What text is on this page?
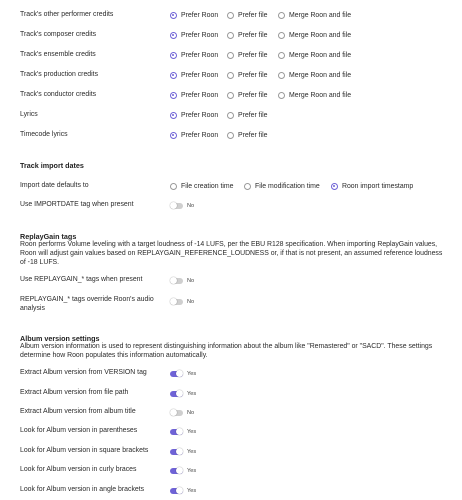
Track's other performer credits	Prefer Roon	Prefer file	Merge Roon and file
Track's composer credits	Prefer Roon	Prefer file	Merge Roon and file
Track's ensemble credits	Prefer Roon	Prefer file	Merge Roon and file
Track's production credits	Prefer Roon	Prefer file	Merge Roon and file
Track's conductor credits	Prefer Roon	Prefer file	Merge Roon and file
Lyrics	Prefer Roon	Prefer file
Timecode lyrics	Prefer Roon	Prefer file
Track import dates
Import date defaults to	File creation time	File modification time	Roon import timestamp
Use IMPORTDATE tag when present	No
ReplayGain tags
Roon performs Volume leveling with a target loudness of -14 LUFS, per the EBU R128 specification. When importing ReplayGain values,
Roon will adjust gain values based on REPLAYGAIN_REFERENCE_LOUDNESS or, if that is not present, an assumed reference loudness
of -18 LUFS.
Use REPLAYGAIN_* tags when present	No
REPLAYGAIN_* tags override Roon's audio
analysis
No
Album version settings
Album version information is used to represent distinguishing information about the album like "Remastered" or "SACD". These settings
determine how Roon populates this information automatically.
Extract Album version from VERSION tag	Yes
Extract Album version from file path	Yes
Extract Album version from album title	No
Look for Album version in parentheses	Yes
Look for Album version in square brackets	Yes
Look for Album version in curly braces	Yes
Look for Album version in angle brackets	Yes
